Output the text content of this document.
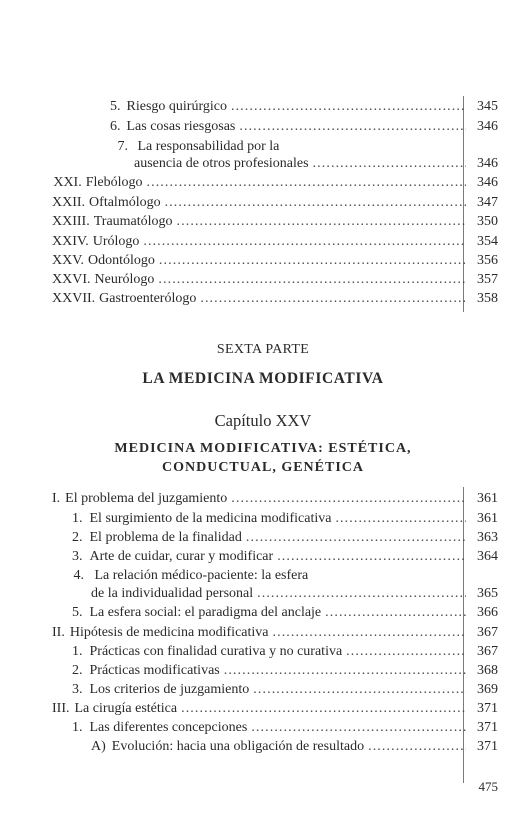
5. Riesgo quirúrgico . . .	345
6. Las cosas riesgosas . . .	346
7. La responsabilidad por la
ausencia de otros profesionales . . .	346
XXI. Flebólogo . . .	346
XXII. Oftalmólogo . . .	347
XXIII. Traumatólogo . . .	350
XXIV. Urólogo . . .	354
XXV. Odontólogo . . .	356
XXVI. Neurólogo . . .	357
XXVII. Gastroenterólogo . . .	358
SEXTA PARTE
LA MEDICINA MODIFICATIVA
Capítulo XXV
MEDICINA MODIFICATIVA: ESTÉTICA,
CONDUCTUAL, GENÉTICA
I. El problema del juzgamiento . . .	361
1. El surgimiento de la medicina modificativa . . .	361
2. El problema de la finalidad . . .	363
3. Arte de cuidar, curar y modificar . . .	364
4. La relación médico-paciente: la esfera
de la individualidad personal . . .	365
5. La esfera social: el paradigma del anclaje . . .	366
II. Hipótesis de medicina modificativa . . .	367
1. Prácticas con finalidad curativa y no curativa . . .	367
2. Prácticas modificativas . . .	368
3. Los criterios de juzgamiento . . .	369
III. La cirugía estética . . .	371
1. Las diferentes concepciones . . .	371
A) Evolución: hacia una obligación de resultado . . .	371
475
